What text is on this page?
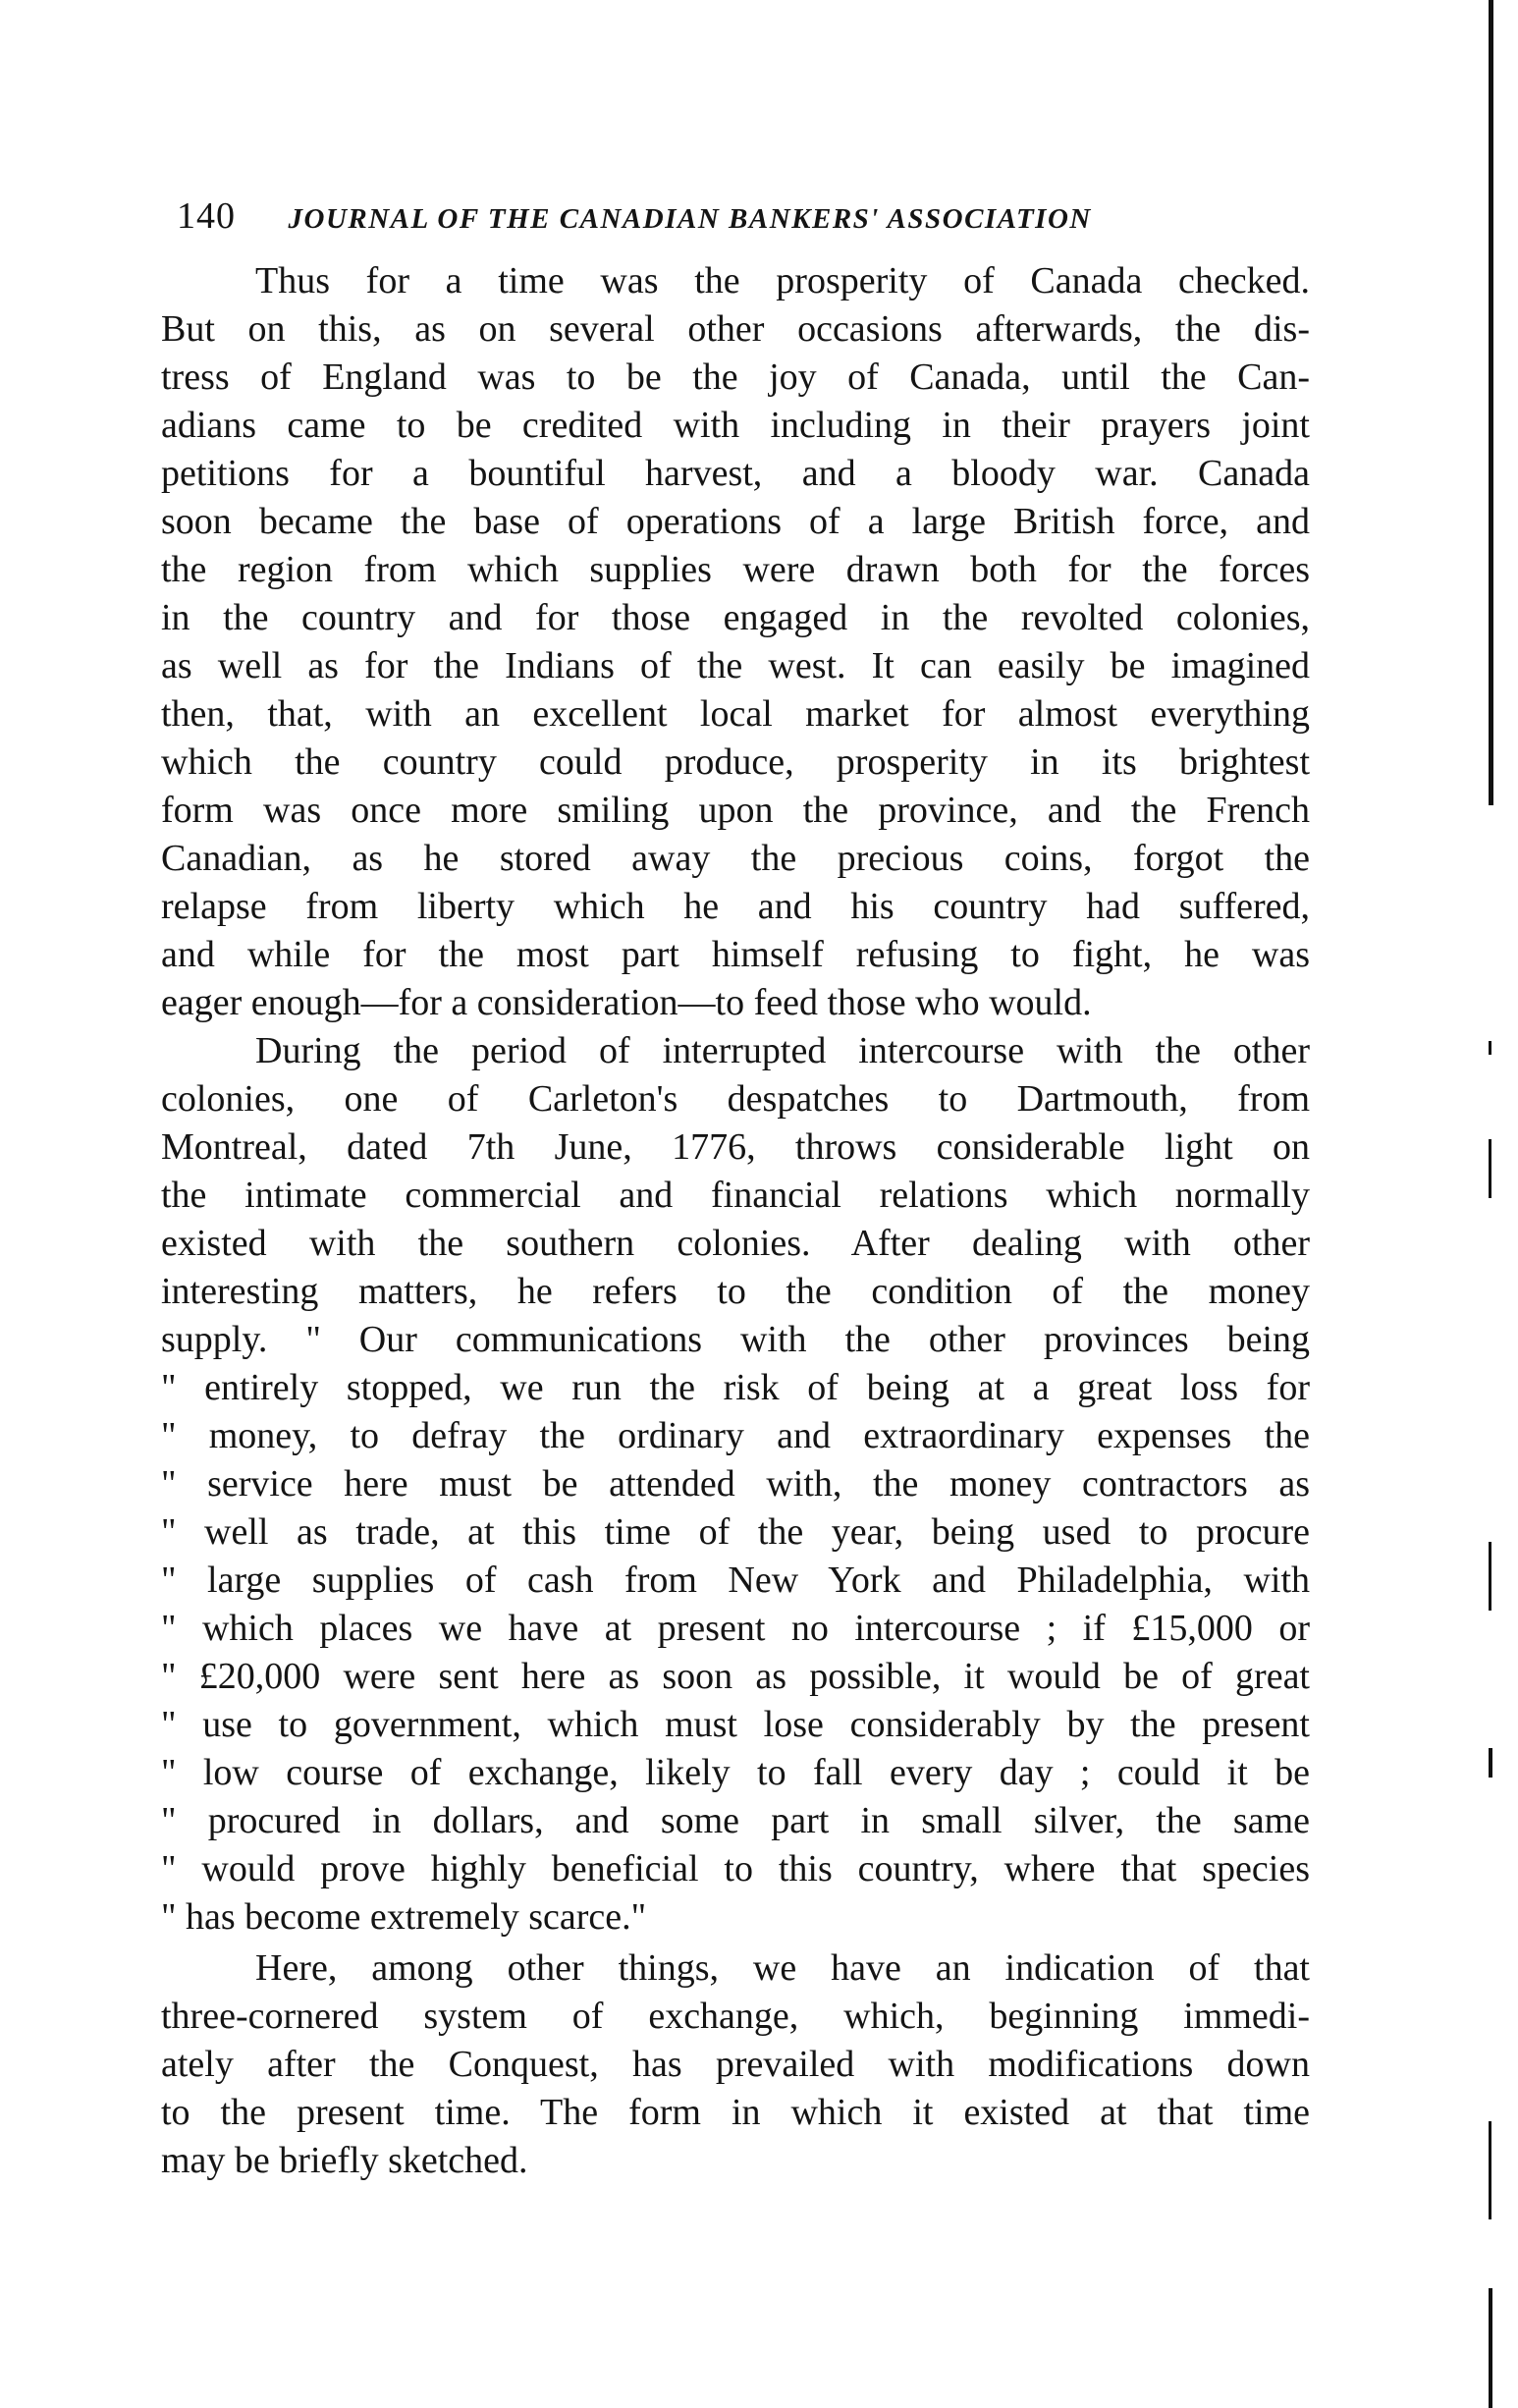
140 JOURNAL OF THE CANADIAN BANKERS' ASSOCIATION
Thus for a time was the prosperity of Canada checked.
But on this, as on several other occasions afterwards, the dis-
tress of England was to be the joy of Canada, until the Can-
adians came to be credited with including in their prayers joint
petitions for a bountiful harvest, and a bloody war. Canada
soon became the base of operations of a large British force, and
the region from which supplies were drawn both for the forces
in the country and for those engaged in the revolted colonies,
as well as for the Indians of the west. It can easily be imagined
then, that, with an excellent local market for almost everything
which the country could produce, prosperity in its brightest
form was once more smiling upon the province, and the French
Canadian, as he stored away the precious coins, forgot the
relapse from liberty which he and his country had suffered,
and while for the most part himself refusing to fight, he was
eager enough—for a consideration—to feed those who would.
During the period of interrupted intercourse with the other
colonies, one of Carleton's despatches to Dartmouth, from
Montreal, dated 7th June, 1776, throws considerable light on
the intimate commercial and financial relations which normally
existed with the southern colonies. After dealing with other
interesting matters, he refers to the condition of the money
supply. " Our communications with the other provinces being
" entirely stopped, we run the risk of being at a great loss for
" money, to defray the ordinary and extraordinary expenses the
" service here must be attended with, the money contractors as
" well as trade, at this time of the year, being used to procure
" large supplies of cash from New York and Philadelphia, with
" which places we have at present no intercourse ; if £15,000 or
" £20,000 were sent here as soon as possible, it would be of great
" use to government, which must lose considerably by the present
" low course of exchange, likely to fall every day ; could it be
" procured in dollars, and some part in small silver, the same
" would prove highly beneficial to this country, where that species
" has become extremely scarce."
Here, among other things, we have an indication of that
three-cornered system of exchange, which, beginning immedi-
ately after the Conquest, has prevailed with modifications down
to the present time. The form in which it existed at that time
may be briefly sketched.
